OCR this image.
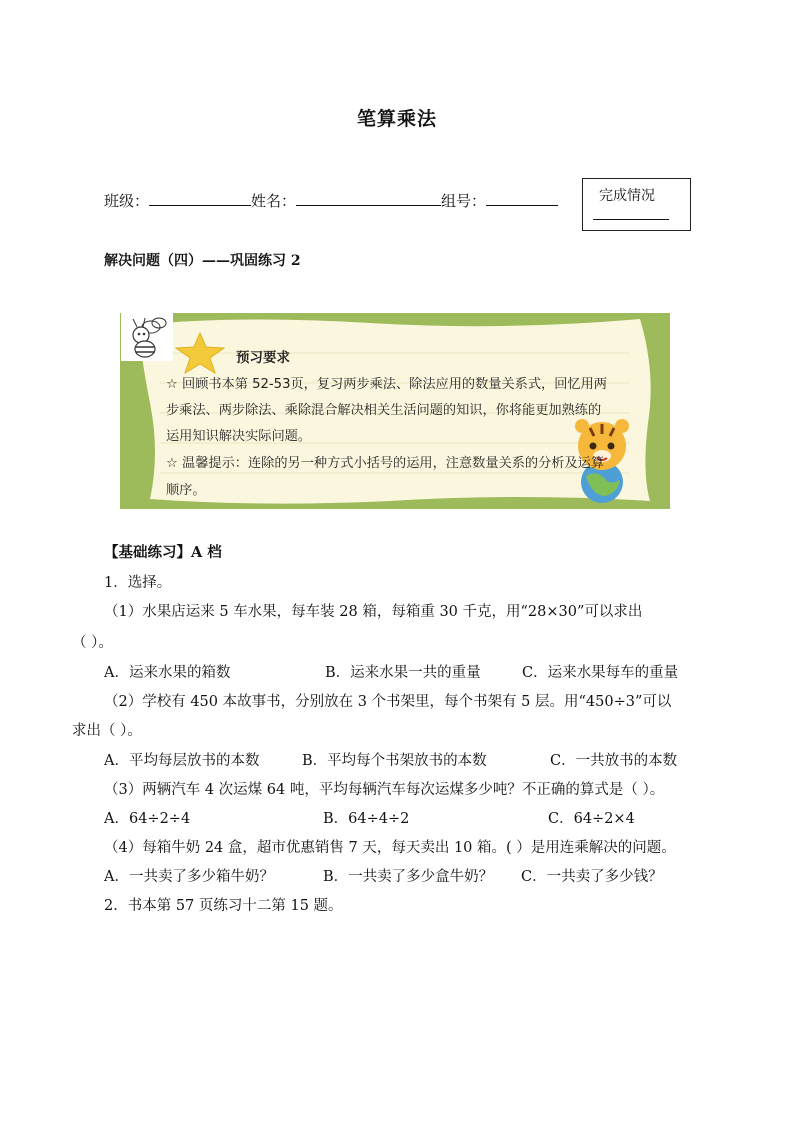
笔算乘法
班级：	姓名：	组号：	完成情况
解决问题（四）——巩固练习 2
预习要求
☆ 回顾书本第 52-53页，复习两步乘法、除法应用的数量关系式，回忆用两
步乘法、两步除法、乘除混合解决相关生活问题的知识，你将能更加熟练的
运用知识解决实际问题。
☆ 温馨提示：连除的另一种方式小括号的运用，注意数量关系的分析及运算
顺序。
【基础练习】A 档
1．选择。
（1）水果店运来 5 车水果，每车装 28 箱，每箱重 30 千克，用“28×30”可以求出
（ ）。
A．运来水果的箱数	B．运来水果一共的重量	C．运来水果每车的重量
（2）学校有 450 本故事书，分别放在 3 个书架里，每个书架有 5 层。用“450÷3”可以
求出（ ）。
A．平均每层放书的本数	B．平均每个书架放书的本数	C．一共放书的本数
（3）两辆汽车 4 次运煤 64 吨，平均每辆汽车每次运煤多少吨？不正确的算式是（ ）。
A．64÷2÷4	B．64÷4÷2	C．64÷2×4
（4）每箱牛奶 24 盒，超市优惠销售 7 天，每天卖出 10 箱。( ）是用连乘解决的问题。
A．一共卖了多少箱牛奶？	B．一共卖了多少盒牛奶？ C．一共卖了多少钱？
2．书本第 57 页练习十二第 15 题。
